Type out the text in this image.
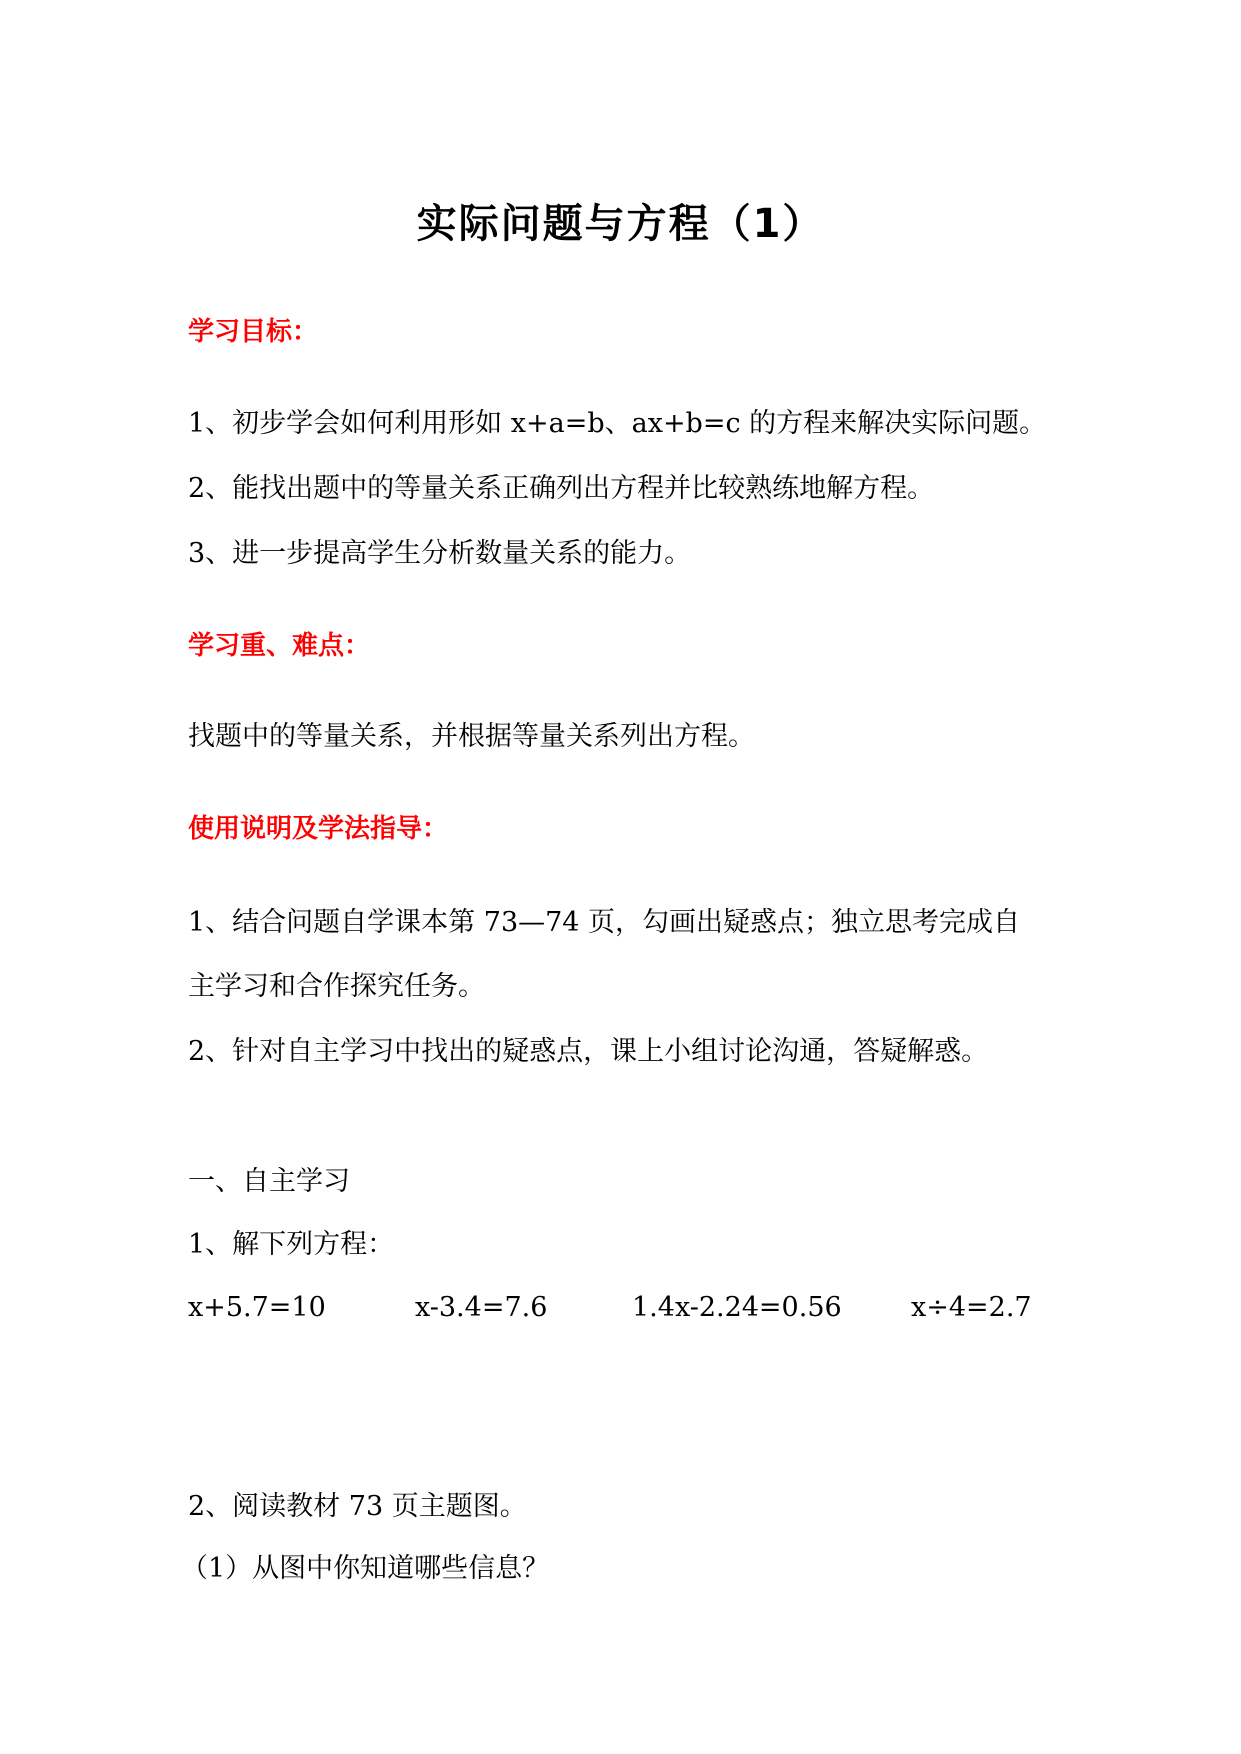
实际问题与方程（1）
学习目标：
1、初步学会如何利用形如 x+a=b、ax+b=c 的方程来解决实际问题。
2、能找出题中的等量关系正确列出方程并比较熟练地解方程。
3、进一步提高学生分析数量关系的能力。
学习重、难点：
找题中的等量关系，并根据等量关系列出方程。
使用说明及学法指导：
1、结合问题自学课本第 73—74 页，勾画出疑惑点；独立思考完成自
主学习和合作探究任务。
2、针对自主学习中找出的疑惑点，课上小组讨论沟通，答疑解惑。
一、自主学习
1、解下列方程：
x+5.7=10	x-3.4=7.6	1.4x-2.24=0.56	x÷4=2.7
2、阅读教材 73 页主题图。
（1）从图中你知道哪些信息？
